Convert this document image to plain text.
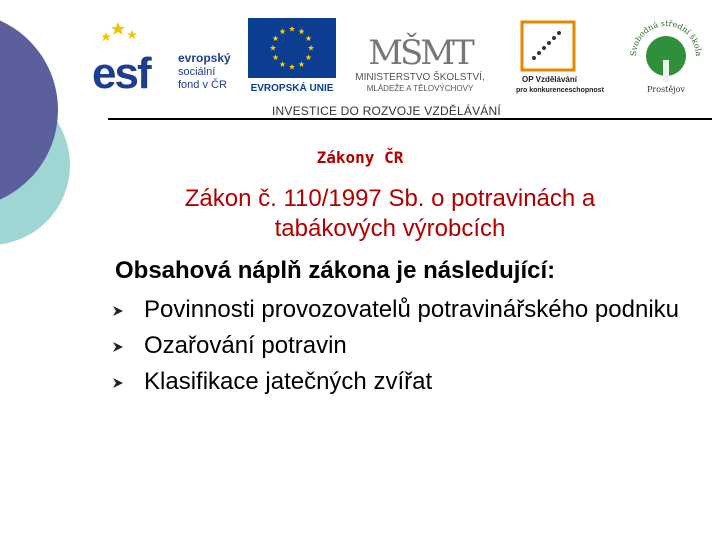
esf evropský
sociální
fond v ČR EVROPSKÁ UNIE
MŠMT
MINISTERSTVO ŠKOLSTVÍ,
MLÁDEŽE A TĚLOVÝCHOVY
OP Vzdělávání
pro konkurenceschopnost
Svobodná střední škola
Prostějov
INVESTICE DO ROZVOJE VZDĚLÁVÁNÍ
Zákony ČR
Zákon č. 110/1997 Sb. o potravinách a tabákových výrobcích
Obsahová náplň zákona je následující:
Povinnosti provozovatelů potravinářského podniku
Ozařování potravin
Klasifikace jatečných zvířat
